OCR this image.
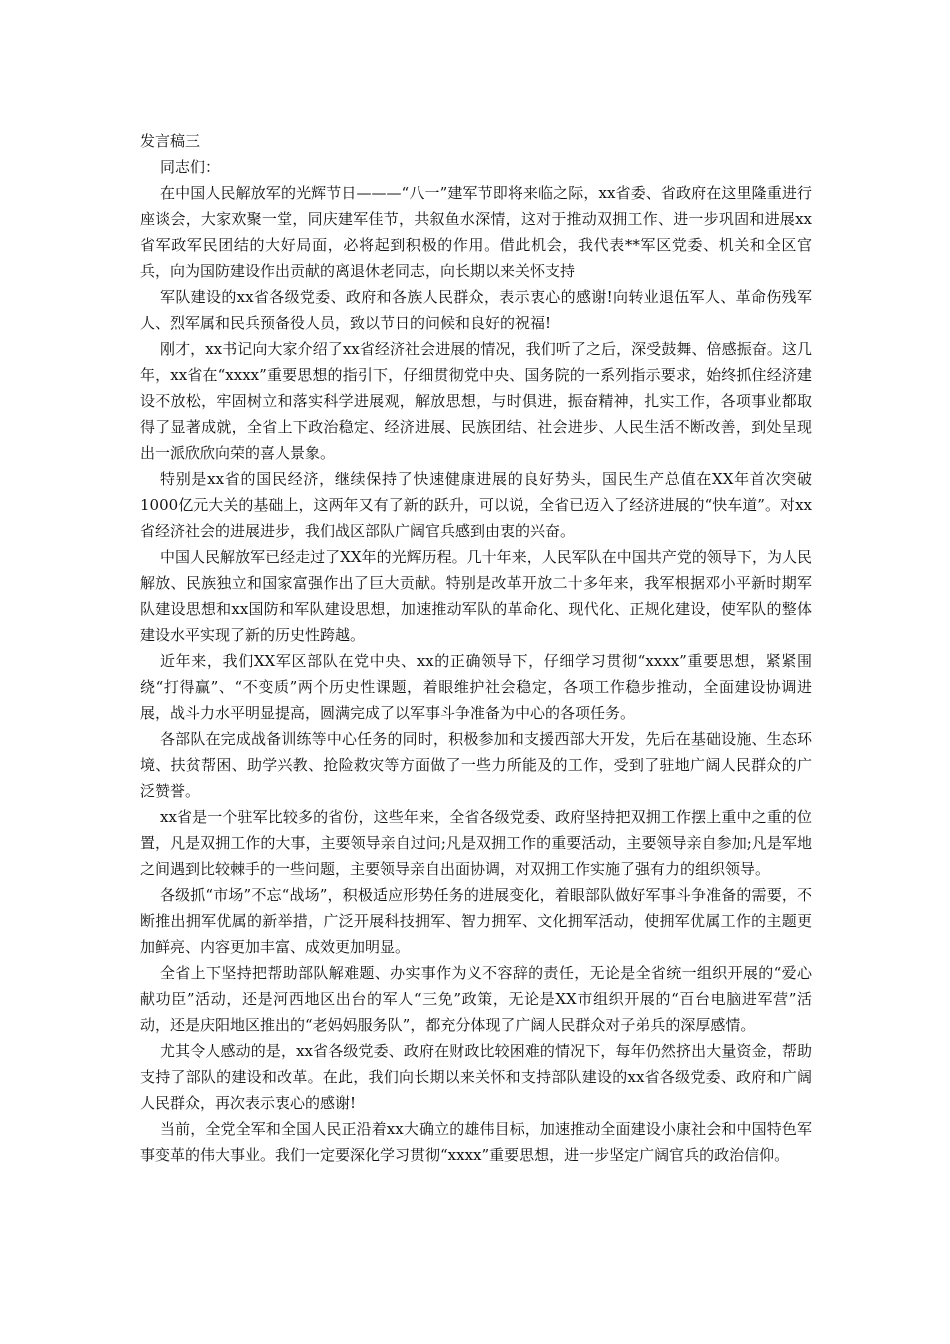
发言稿三

同志们：

在中国人民解放军的光辉节日———“八一”建军节即将来临之际，xx省委、省政府在这里隆重进行座谈会，大家欢聚一堂，同庆建军佳节，共叙鱼水深情，这对于推动双拥工作、进一步巩固和进展xx省军政军民团结的大好局面，必将起到积极的作用。借此机会，我代表**军区党委、机关和全区官兵，向为国防建设作出贡献的离退休老同志，向长期以来关怀支持

军队建设的xx省各级党委、政府和各族人民群众，表示衷心的感谢!向转业退伍军人、革命伤残军人、烈军属和民兵预备役人员，致以节日的问候和良好的祝福!

刚才，xx书记向大家介绍了xx省经济社会进展的情况，我们听了之后，深受鼓舞、倍感振奋。这几年，xx省在“xxxx”重要思想的指引下，仔细贯彻党中央、国务院的一系列指示要求，始终抓住经济建设不放松，牢固树立和落实科学进展观，解放思想，与时俱进，振奋精神，扎实工作，各项事业都取得了显著成就，全省上下政治稳定、经济进展、民族团结、社会进步、人民生活不断改善，到处呈现出一派欣欣向荣的喜人景象。

特别是xx省的国民经济，继续保持了快速健康进展的良好势头，国民生产总值在XX年首次突破1000亿元大关的基础上，这两年又有了新的跃升，可以说，全省已迈入了经济进展的“快车道”。对xx省经济社会的进展进步，我们战区部队广阔官兵感到由衷的兴奋。

中国人民解放军已经走过了XX年的光辉历程。几十年来，人民军队在中国共产党的领导下，为人民解放、民族独立和国家富强作出了巨大贡献。特别是改革开放二十多年来，我军根据邓小平新时期军队建设思想和xx国防和军队建设思想，加速推动军队的革命化、现代化、正规化建设，使军队的整体建设水平实现了新的历史性跨越。

近年来，我们XX军区部队在党中央、xx的正确领导下，仔细学习贯彻“xxxx”重要思想，紧紧围绕“打得赢”、“不变质”两个历史性课题，着眼维护社会稳定，各项工作稳步推动，全面建设协调进展，战斗力水平明显提高，圆满完成了以军事斗争准备为中心的各项任务。

各部队在完成战备训练等中心任务的同时，积极参加和支援西部大开发，先后在基础设施、生态环境、扶贫帮困、助学兴教、抢险救灾等方面做了一些力所能及的工作，受到了驻地广阔人民群众的广泛赞誉。

xx省是一个驻军比较多的省份，这些年来，全省各级党委、政府坚持把双拥工作摆上重中之重的位置，凡是双拥工作的大事，主要领导亲自过问;凡是双拥工作的重要活动，主要领导亲自参加;凡是军地之间遇到比较棘手的一些问题，主要领导亲自出面协调，对双拥工作实施了强有力的组织领导。

各级抓“市场”不忘“战场”，积极适应形势任务的进展变化，着眼部队做好军事斗争准备的需要，不断推出拥军优属的新举措，广泛开展科技拥军、智力拥军、文化拥军活动，使拥军优属工作的主题更加鲜亮、内容更加丰富、成效更加明显。

全省上下坚持把帮助部队解难题、办实事作为义不容辞的责任，无论是全省统一组织开展的“爱心献功臣”活动，还是河西地区出台的军人“三免”政策，无论是XX市组织开展的“百台电脑进军营”活动，还是庆阳地区推出的“老妈妈服务队”，都充分体现了广阔人民群众对子弟兵的深厚感情。

尤其令人感动的是，xx省各级党委、政府在财政比较困难的情况下，每年仍然挤出大量资金，帮助支持了部队的建设和改革。在此，我们向长期以来关怀和支持部队建设的xx省各级党委、政府和广阔人民群众，再次表示衷心的感谢!

当前，全党全军和全国人民正沿着xx大确立的雄伟目标，加速推动全面建设小康社会和中国特色军事变革的伟大事业。我们一定要深化学习贯彻“xxxx”重要思想，进一步坚定广阔官兵的政治信仰。
